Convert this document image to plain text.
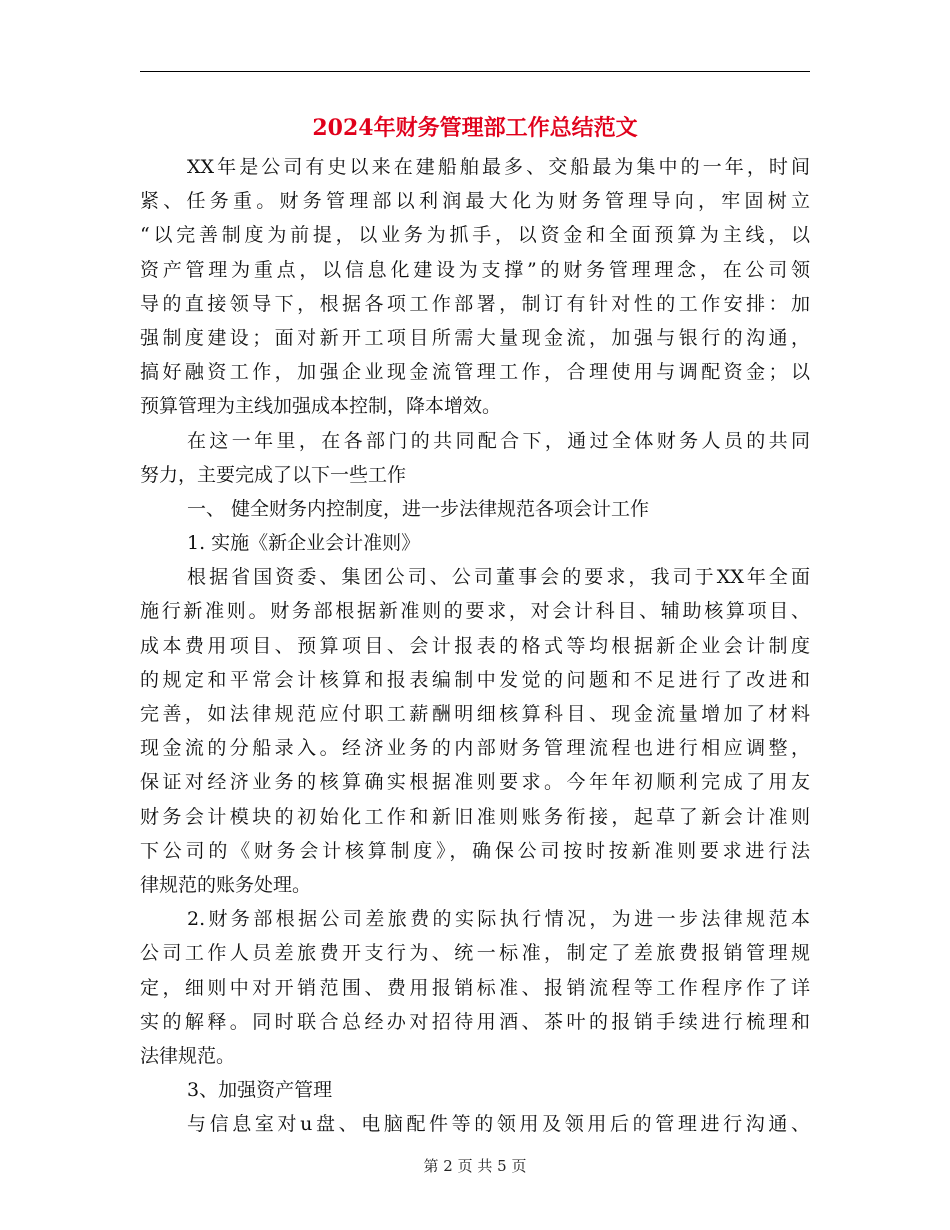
2024年财务管理部工作总结范文
XX年是公司有史以来在建船舶最多、交船最为集中的一年，时间
紧、任务重。财务管理部以利润最大化为财务管理导向，牢固树立
“以完善制度为前提，以业务为抓手，以资金和全面预算为主线，以
资产管理为重点，以信息化建设为支撑”的财务管理理念，在公司领
导的直接领导下，根据各项工作部署，制订有针对性的工作安排：加
强制度建设；面对新开工项目所需大量现金流，加强与银行的沟通，
搞好融资工作，加强企业现金流管理工作，合理使用与调配资金；以
预算管理为主线加强成本控制，降本增效。
在这一年里，在各部门的共同配合下，通过全体财务人员的共同
努力，主要完成了以下一些工作
一、 健全财务内控制度，进一步法律规范各项会计工作
1. 实施《新企业会计准则》
根据省国资委、集团公司、公司董事会的要求，我司于XX年全面
施行新准则。财务部根据新准则的要求，对会计科目、辅助核算项目、
成本费用项目、预算项目、会计报表的格式等均根据新企业会计制度
的规定和平常会计核算和报表编制中发觉的问题和不足进行了改进和
完善，如法律规范应付职工薪酬明细核算科目、现金流量增加了材料
现金流的分船录入。经济业务的内部财务管理流程也进行相应调整，
保证对经济业务的核算确实根据准则要求。今年年初顺利完成了用友
财务会计模块的初始化工作和新旧准则账务衔接，起草了新会计准则
下公司的《财务会计核算制度》，确保公司按时按新准则要求进行法
律规范的账务处理。
2.财务部根据公司差旅费的实际执行情况，为进一步法律规范本
公司工作人员差旅费开支行为、统一标准，制定了差旅费报销管理规
定，细则中对开销范围、费用报销标准、报销流程等工作程序作了详
实的解释。同时联合总经办对招待用酒、茶叶的报销手续进行梳理和
法律规范。
3、加强资产管理
与信息室对u盘、电脑配件等的领用及领用后的管理进行沟通、
第 2 页 共 5 页
